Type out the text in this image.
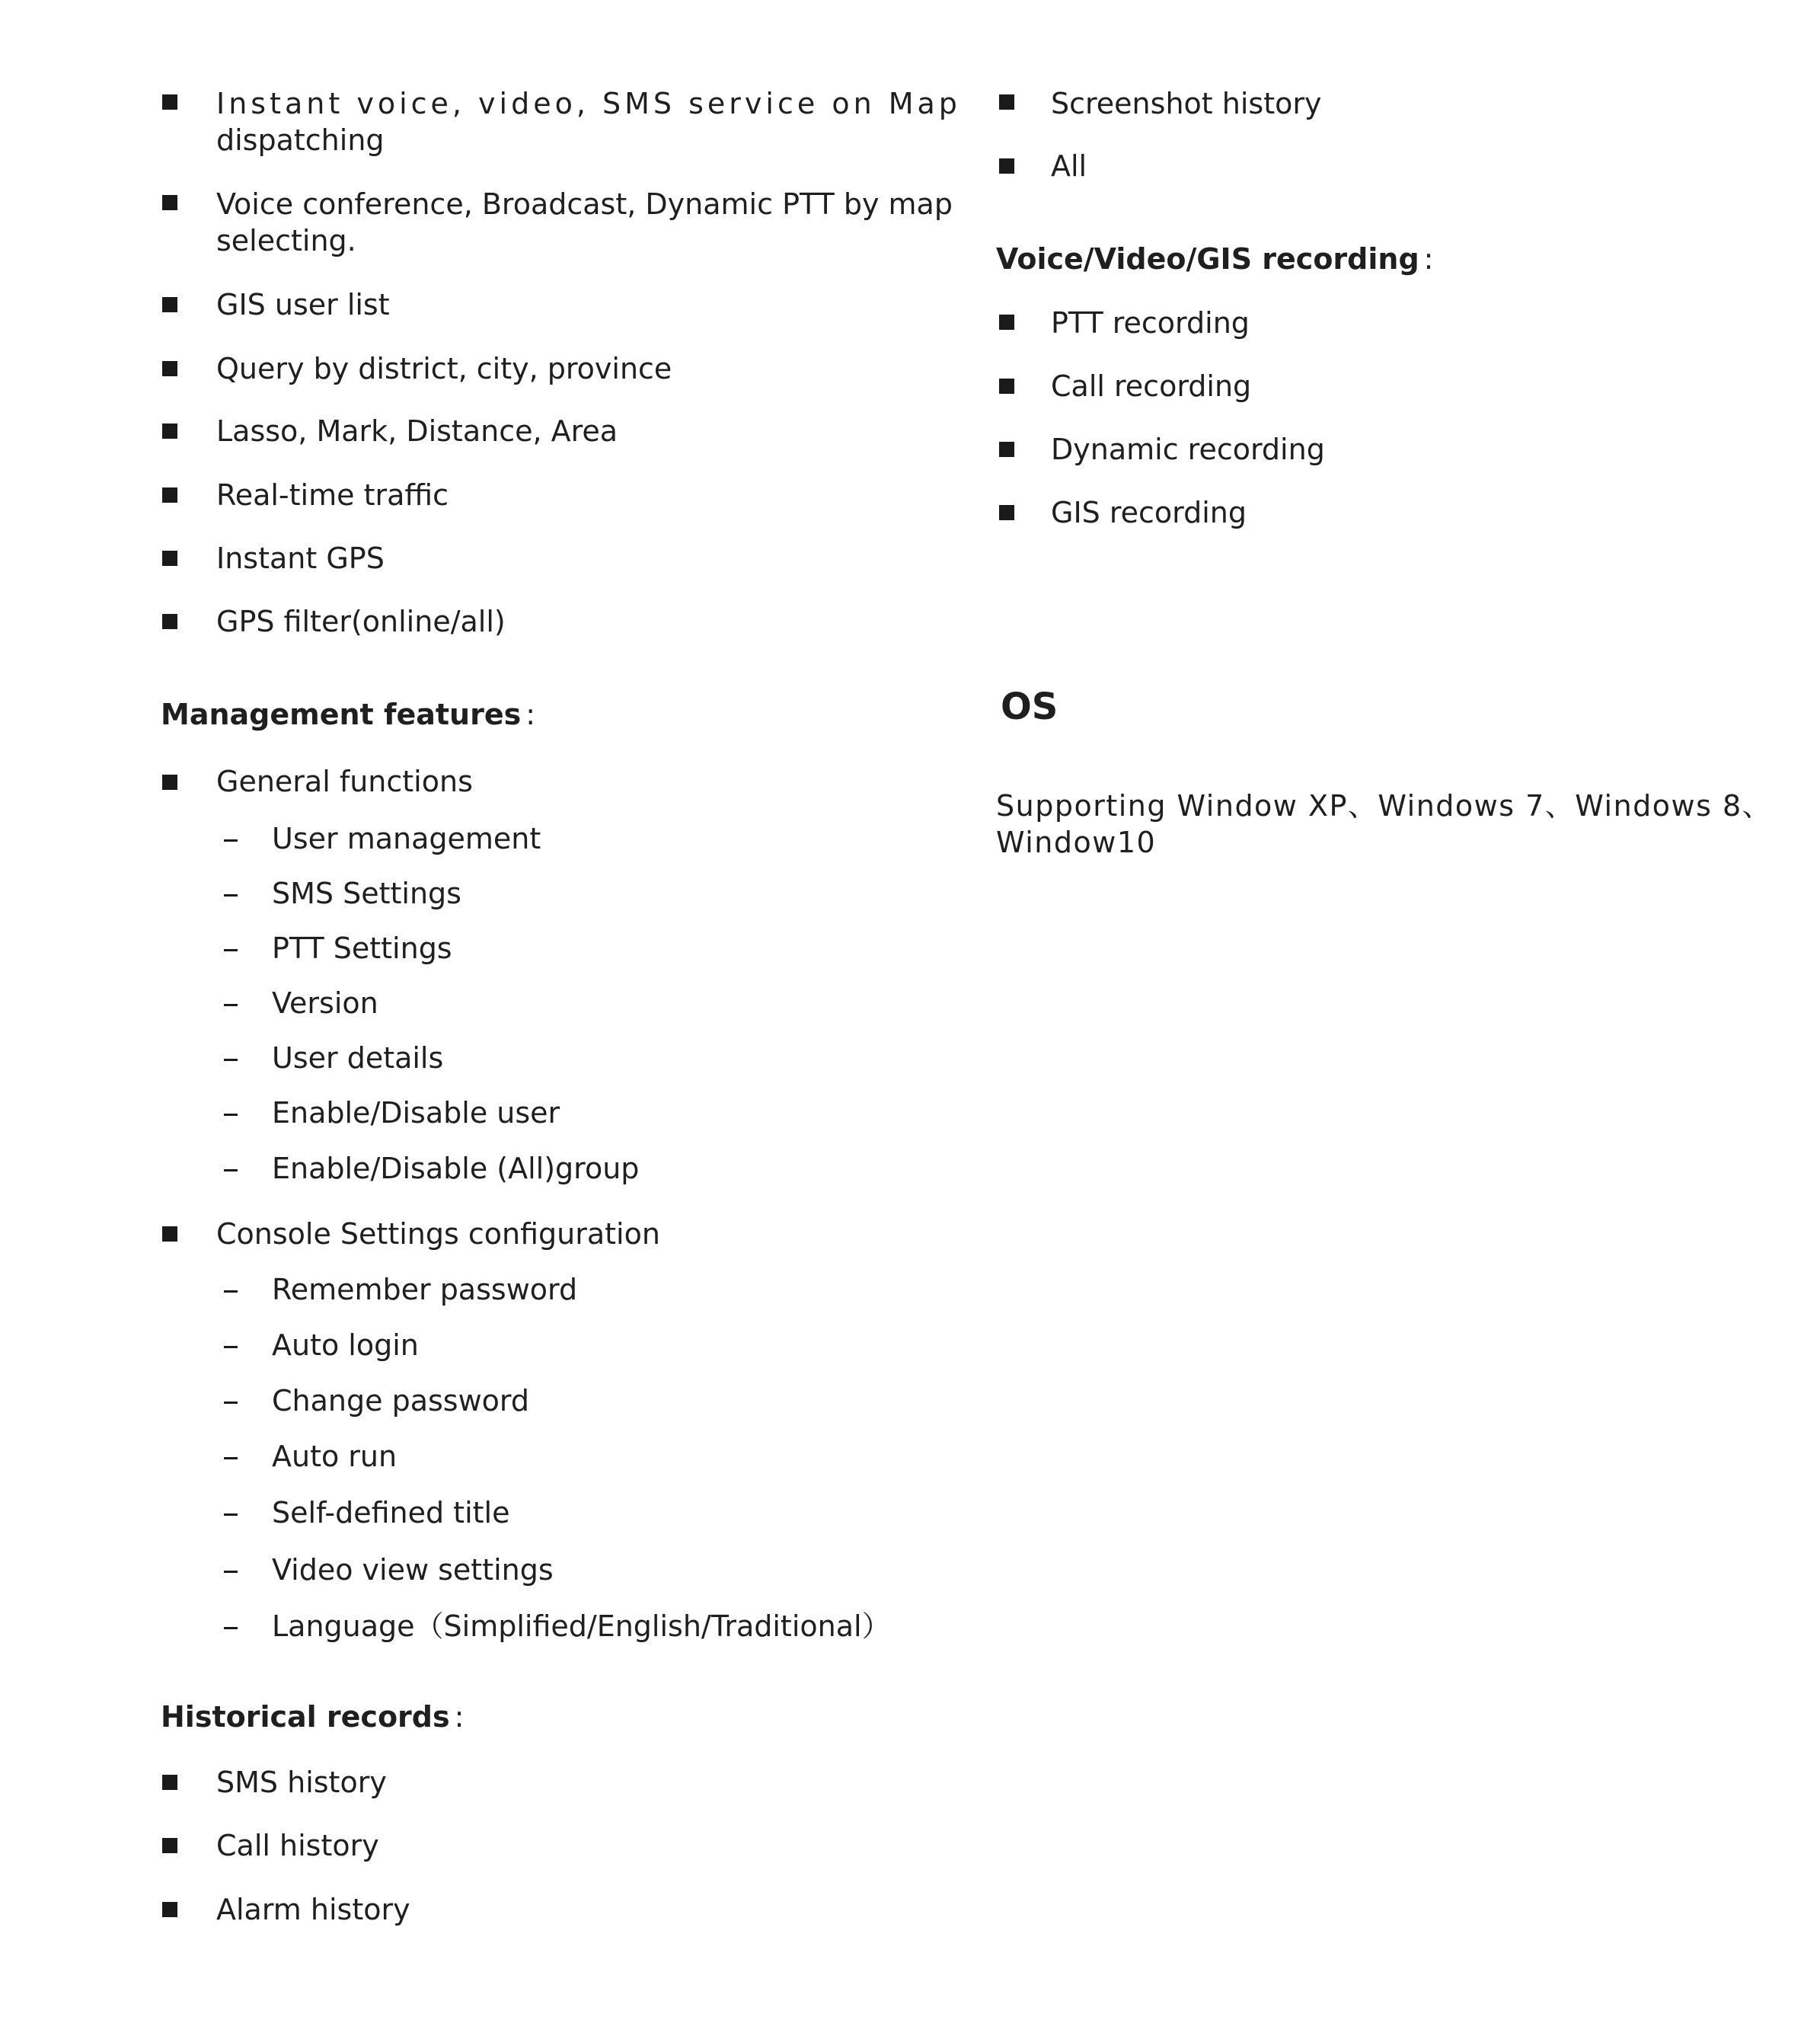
Instant voice, video, SMS service on Map
dispatching
Voice conference, Broadcast, Dynamic PTT by map
selecting.
GIS user list
Query by district, city, province
Lasso, Mark, Distance, Area
Real-time traffic
Instant GPS
GPS filter(online/all)
Management features :
General functions
User management
SMS Settings
PTT Settings
Version
User details
Enable/Disable user
Enable/Disable (All)group
Console Settings configuration
Remember password
Auto login
Change password
Auto run
Self-defined title
Video view settings
Language（Simplified/English/Traditional）
Historical records :
SMS history
Call history
Alarm history
Screenshot history
All
Voice/Video/GIS recording :
PTT recording
Call recording
Dynamic recording
GIS recording
OS
Supporting Window XP、Windows 7、Windows 8、
Window10
